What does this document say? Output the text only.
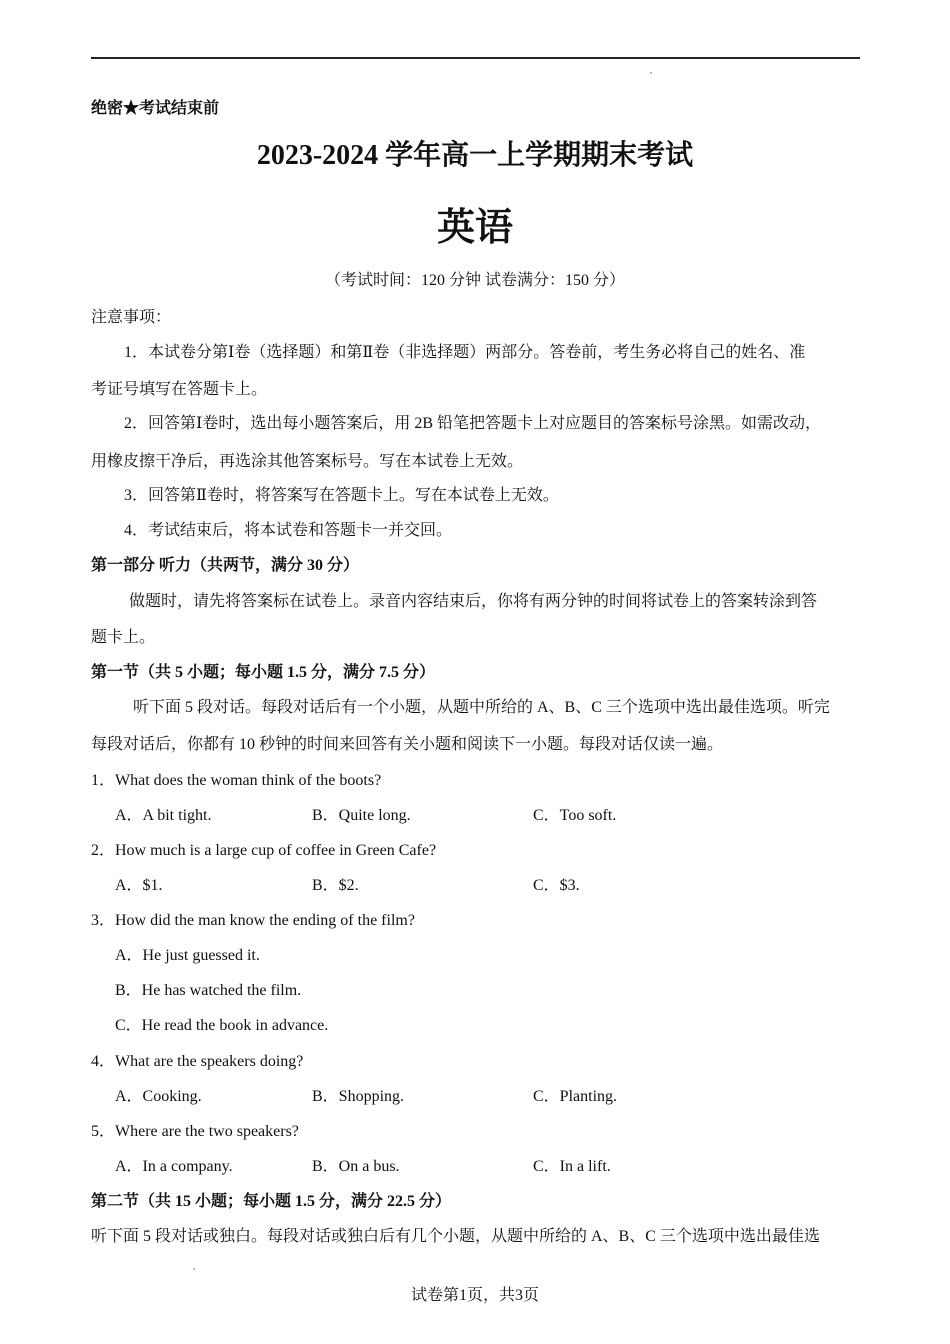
绝密★考试结束前
2023-2024 学年高一上学期期末考试
英语
（考试时间：120 分钟 试卷满分：150 分）
注意事项：
1．本试卷分第Ⅰ卷（选择题）和第Ⅱ卷（非选择题）两部分。答卷前，考生务必将自己的姓名、准
考证号填写在答题卡上。
2．回答第Ⅰ卷时，选出每小题答案后，用 2B 铅笔把答题卡上对应题目的答案标号涂黑。如需改动，
用橡皮擦干净后，再选涂其他答案标号。写在本试卷上无效。
3．回答第Ⅱ卷时，将答案写在答题卡上。写在本试卷上无效。
4．考试结束后，将本试卷和答题卡一并交回。
第一部分 听力（共两节，满分 30 分）
做题时，请先将答案标在试卷上。录音内容结束后，你将有两分钟的时间将试卷上的答案转涂到答
题卡上。
第一节（共 5 小题；每小题 1.5 分，满分 7.5 分）
听下面 5 段对话。每段对话后有一个小题，从题中所给的 A、B、C 三个选项中选出最佳选项。听完
每段对话后，你都有 10 秒钟的时间来回答有关小题和阅读下一小题。每段对话仅读一遍。
1．What does the woman think of the boots?
A．A bit tight.	B．Quite long.	C．Too soft.
2．How much is a large cup of coffee in Green Cafe?
A．$1.	B．$2.	C．$3.
3．How did the man know the ending of the film?
A．He just guessed it.
B．He has watched the film.
C．He read the book in advance.
4．What are the speakers doing?
A．Cooking.	B．Shopping.	C．Planting.
5．Where are the two speakers?
A．In a company.	B．On a bus.	C．In a lift.
第二节（共 15 小题；每小题 1.5 分，满分 22.5 分）
听下面 5 段对话或独白。每段对话或独白后有几个小题，从题中所给的 A、B、C 三个选项中选出最佳选
试卷第1页，共3页
